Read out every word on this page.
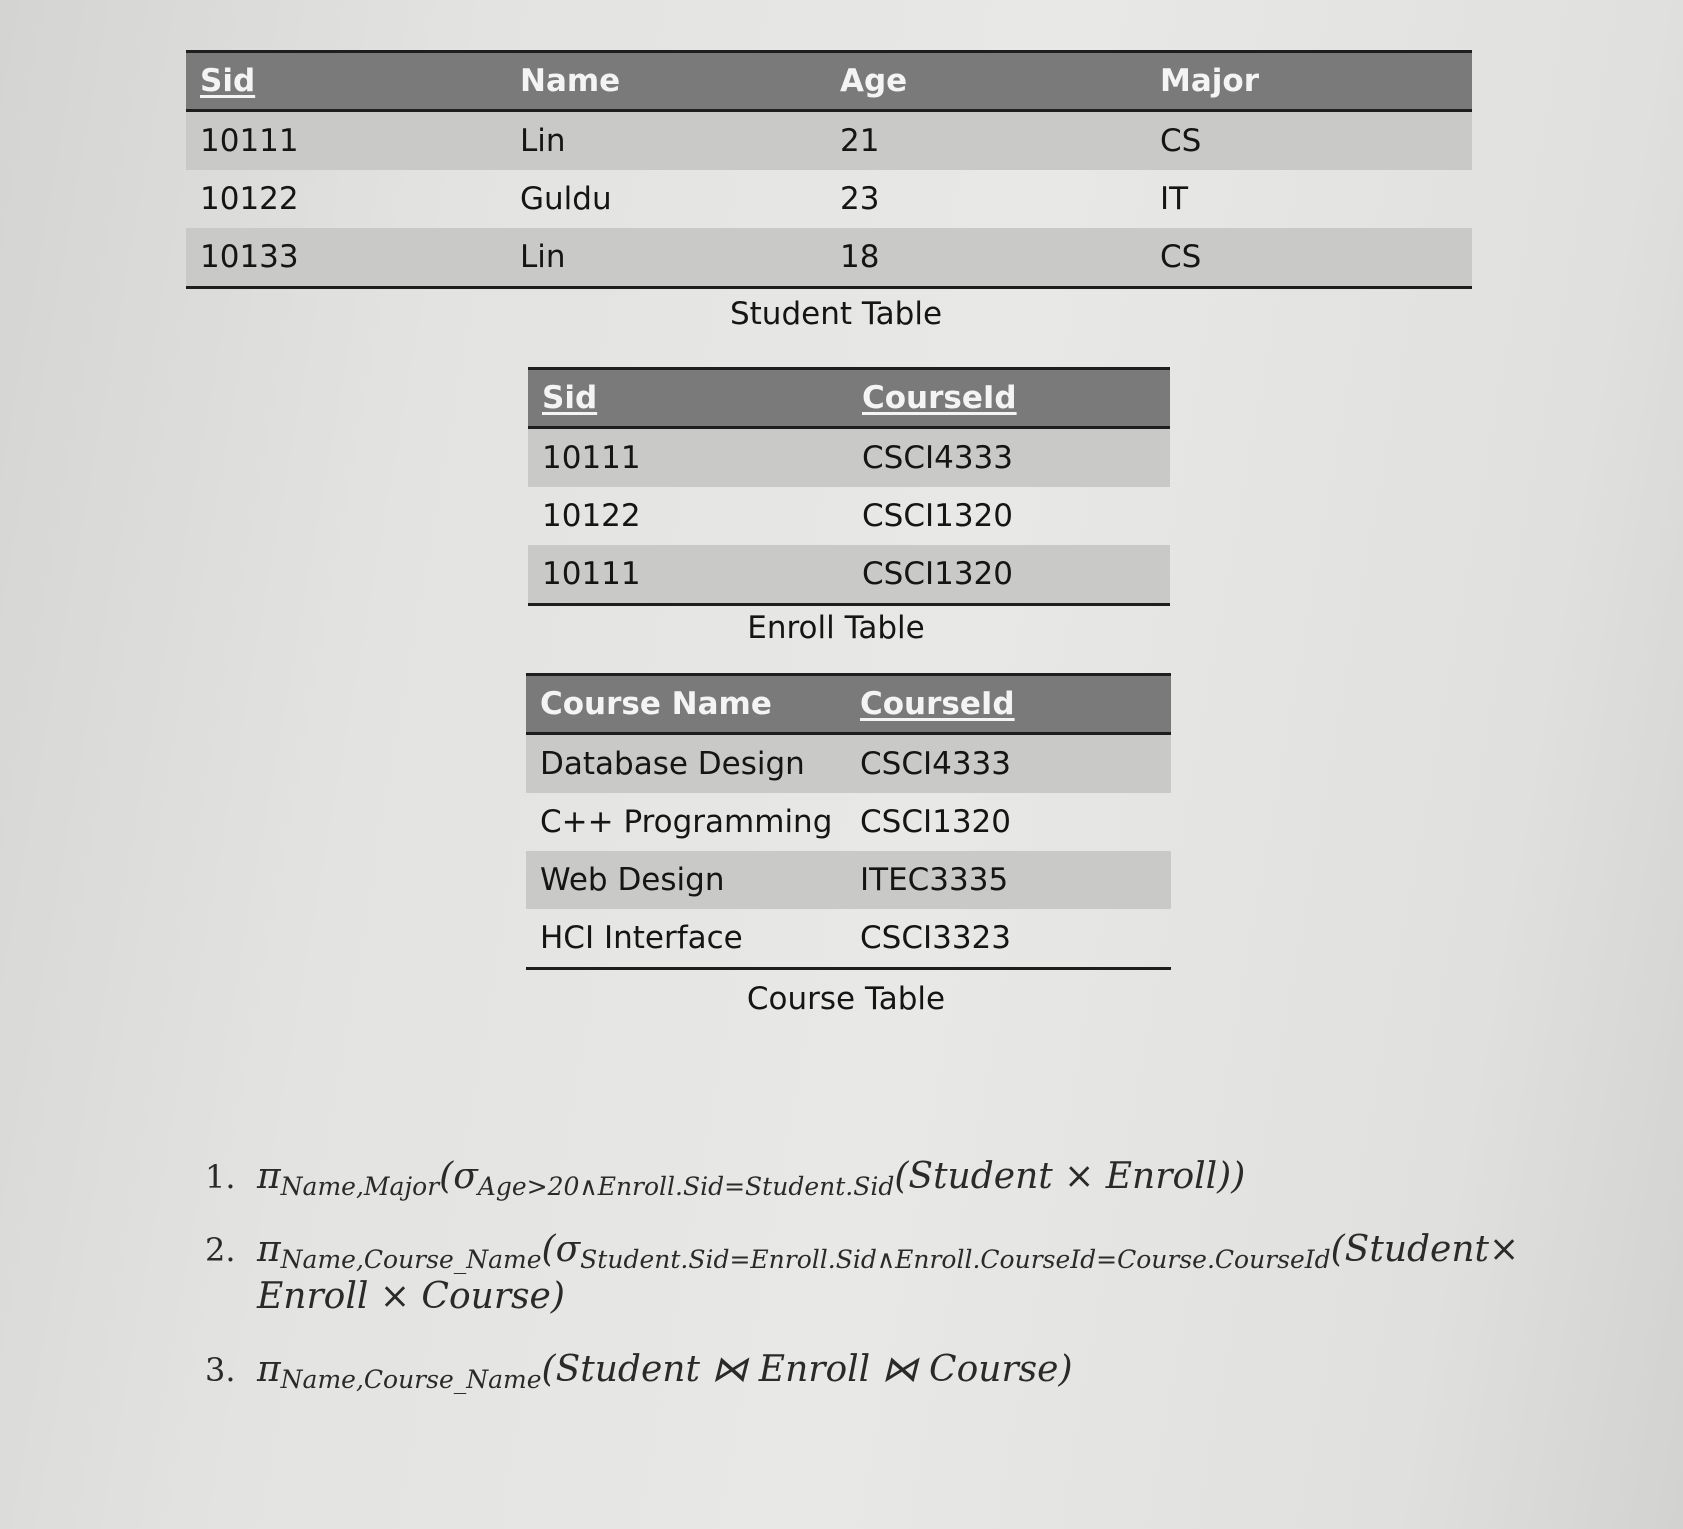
Sid	Name	Age	Major
10111	Lin	21	CS
10122	Guldu	23	IT
10133	Lin	18	CS
Student Table
Sid	CourseId
10111	CSCI4333
10122	CSCI1320
10111	CSCI1320
Enroll Table
Course Name	CourseId
Database Design	CSCI4333
C++ Programming	CSCI1320
Web Design	ITEC3335
HCI Interface	CSCI3323
Course Table
1. $\pi_{Name,Major}(\sigma_{Age>20\wedge Enroll.Sid=Student.Sid}(Student$ × Enroll))
2. $\pi_{Name,Course\_Name}(\sigma_{Student.Sid=Enroll.Sid\wedge Enroll.CourseId=Course.CourseId}(Student\times$
Enroll × Course)
3. $\pi_{Name,Course\_Name}(Student$ ⋈ Enroll ⋈ Course)
